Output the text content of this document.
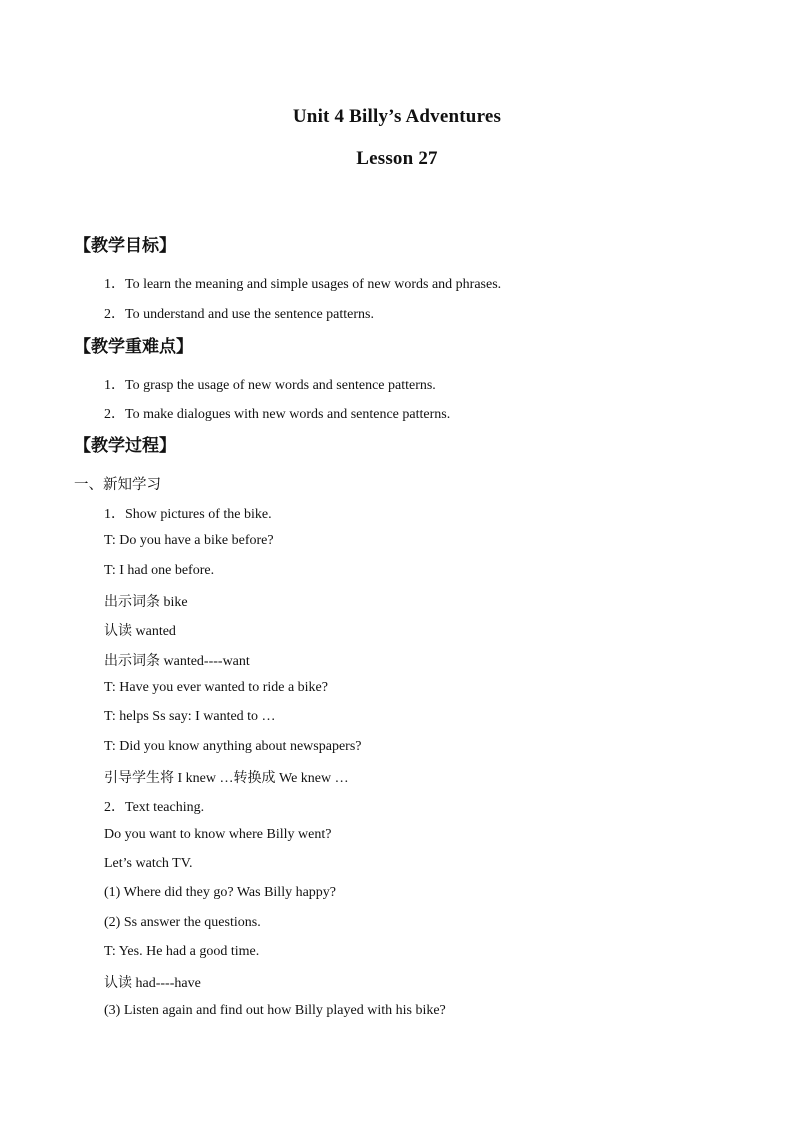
Unit 4 Billy’s Adventures
Lesson 27
【教学目标】
1．To learn the meaning and simple usages of new words and phrases.
2．To understand and use the sentence patterns.
【教学重难点】
1．To grasp the usage of new words and sentence patterns.
2．To make dialogues with new words and sentence patterns.
【教学过程】
一、新知学习
1．Show pictures of the bike.
T: Do you have a bike before?
T: I had one before.
出示词条 bike
认读 wanted
出示词条 wanted----want
T: Have you ever wanted to ride a bike?
T: helps Ss say: I wanted to …
T: Did you know anything about newspapers?
引导学生将 I knew …转换成 We knew …
2．Text teaching.
Do you want to know where Billy went?
Let’s watch TV.
(1) Where did they go? Was Billy happy?
(2) Ss answer the questions.
T: Yes. He had a good time.
认读 had----have
(3) Listen again and find out how Billy played with his bike?
